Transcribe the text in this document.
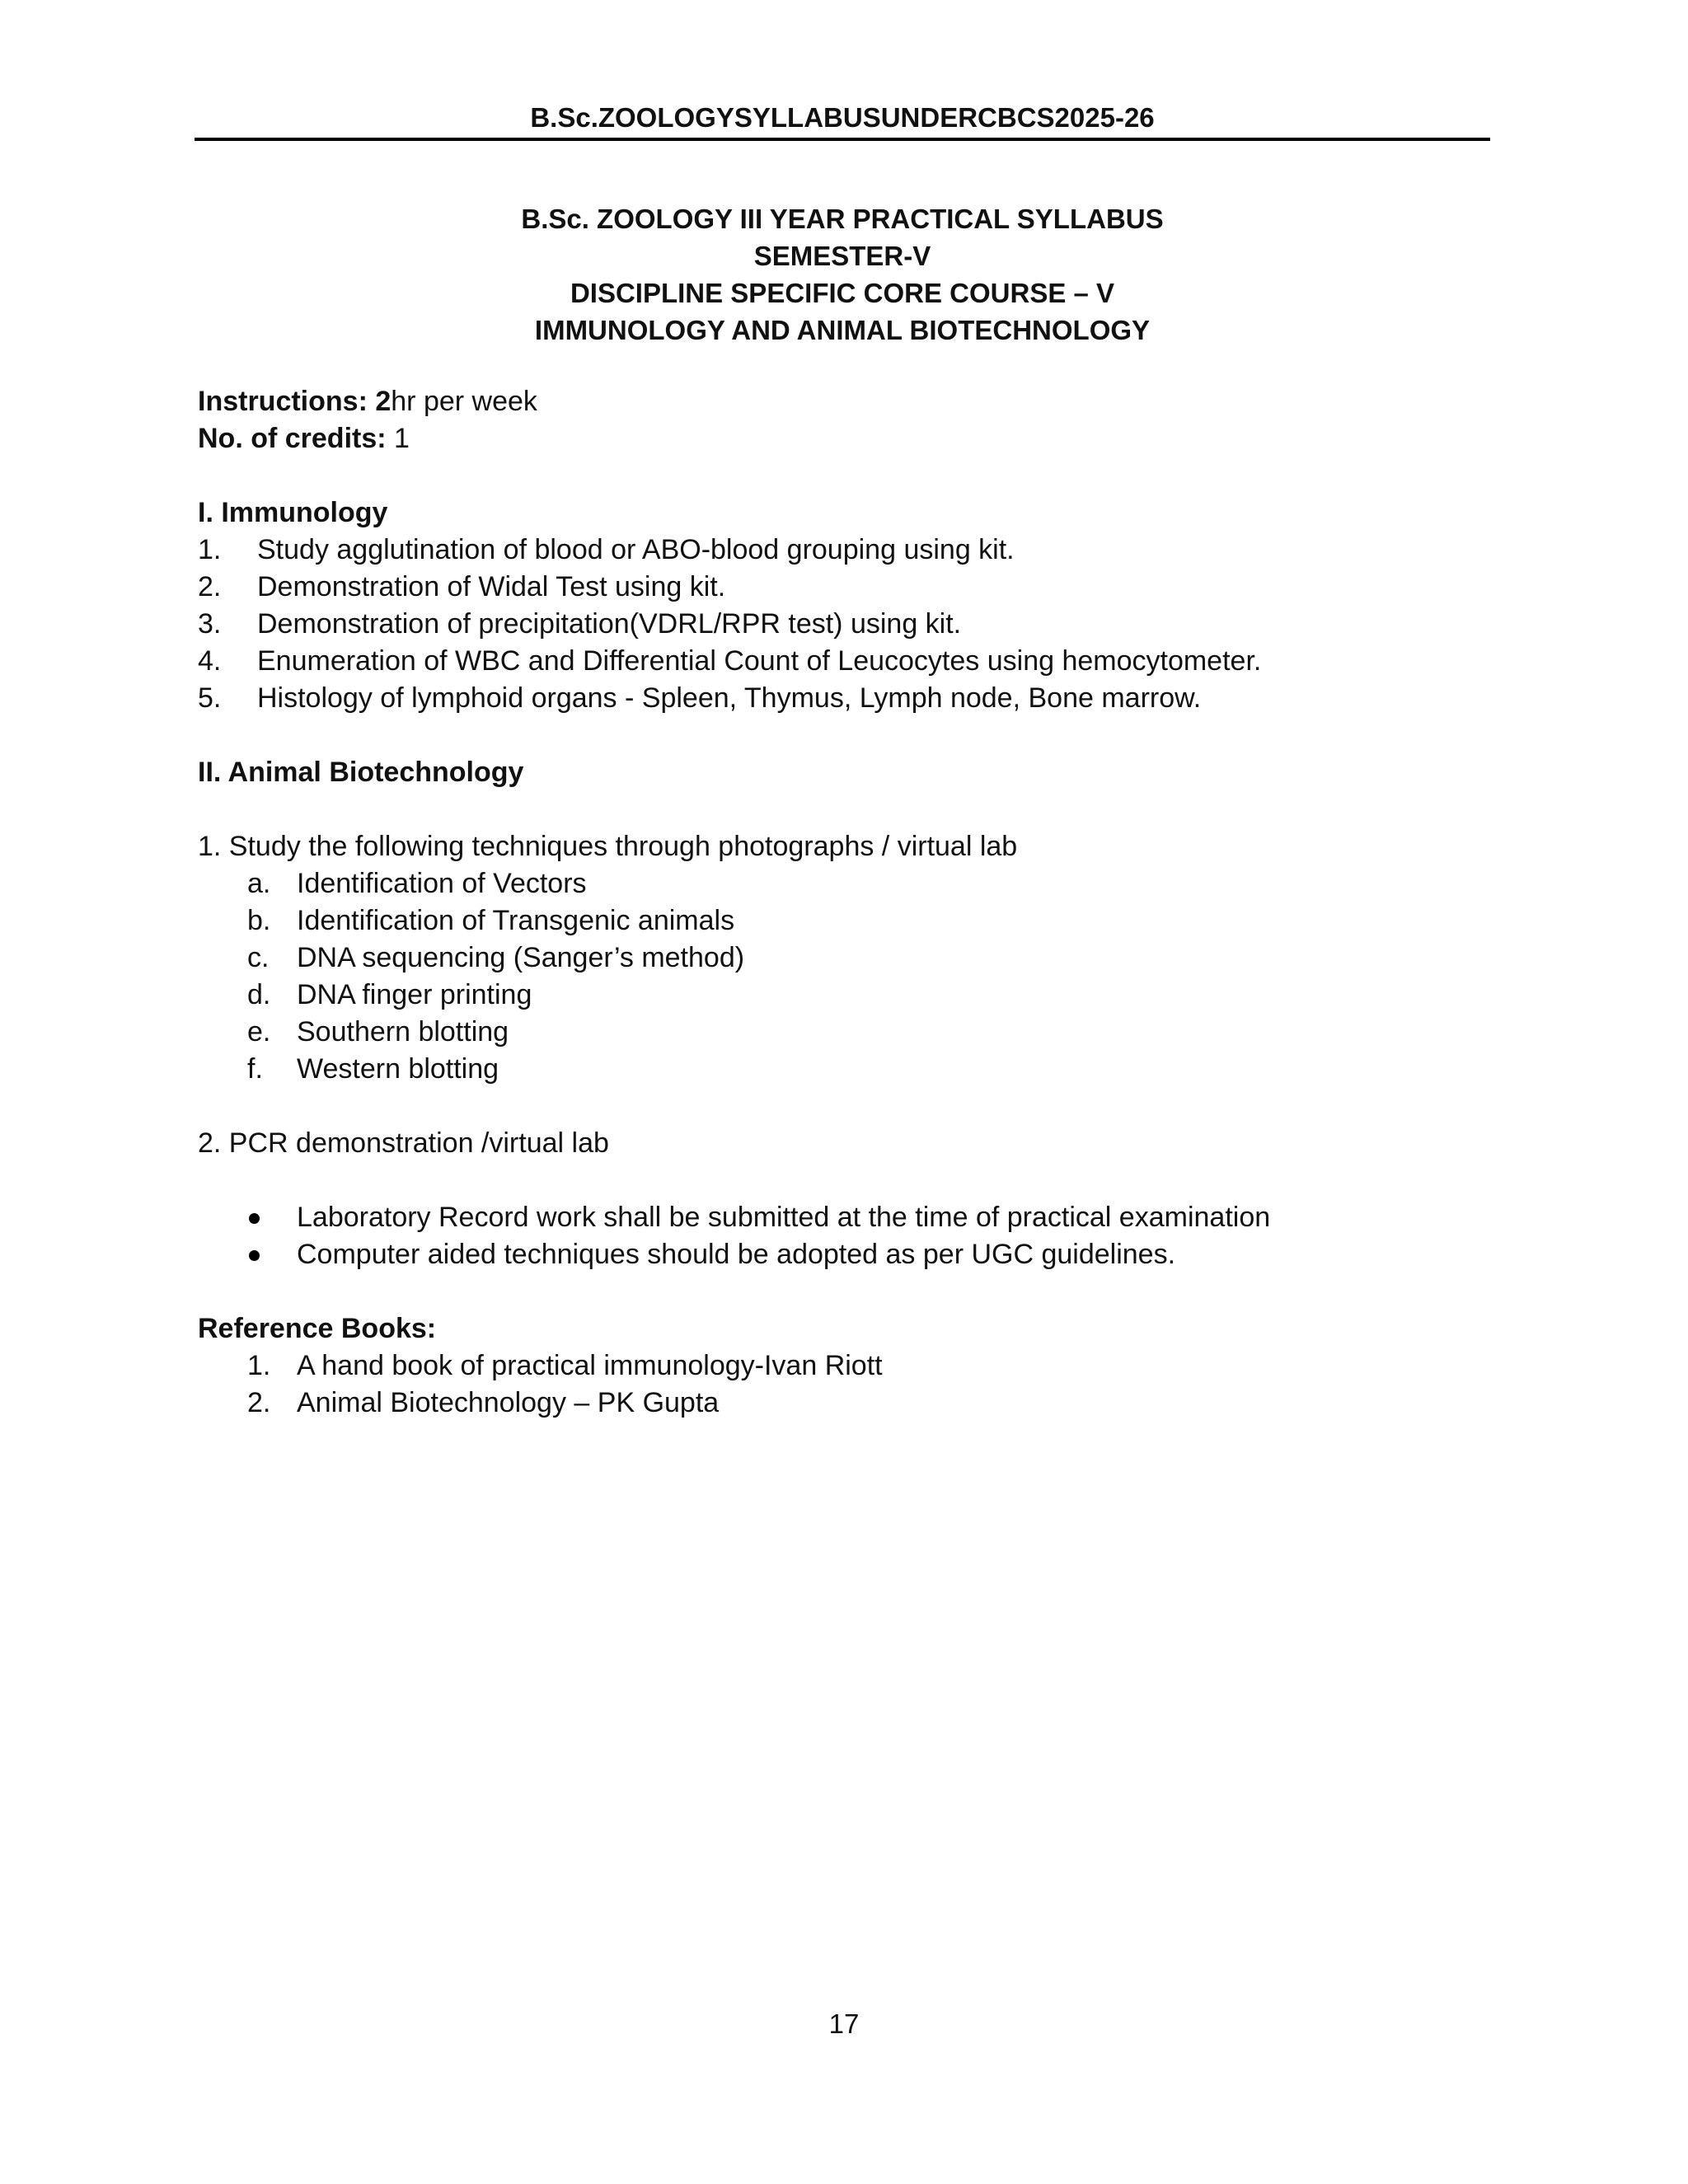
B.Sc.ZOOLOGYSYLLABUSUNDERCBCS2025-26
B.Sc. ZOOLOGY III YEAR PRACTICAL SYLLABUS
SEMESTER-V
DISCIPLINE SPECIFIC CORE COURSE – V
IMMUNOLOGY AND ANIMAL BIOTECHNOLOGY
Instructions: 2hr per week
No. of credits: 1
I. Immunology
1. Study agglutination of blood or ABO-blood grouping using kit.
2. Demonstration of Widal Test using kit.
3. Demonstration of precipitation(VDRL/RPR test) using kit.
4. Enumeration of WBC and Differential Count of Leucocytes using hemocytometer.
5. Histology of lymphoid organs - Spleen, Thymus, Lymph node, Bone marrow.
II. Animal Biotechnology
1. Study the following techniques through photographs / virtual lab
a. Identification of Vectors
b. Identification of Transgenic animals
c. DNA sequencing (Sanger’s method)
d. DNA finger printing
e. Southern blotting
f. Western blotting
2. PCR demonstration /virtual lab
Laboratory Record work shall be submitted at the time of practical examination
Computer aided techniques should be adopted as per UGC guidelines.
Reference Books:
1. A hand book of practical immunology-Ivan Riott
2. Animal Biotechnology – PK Gupta
17
